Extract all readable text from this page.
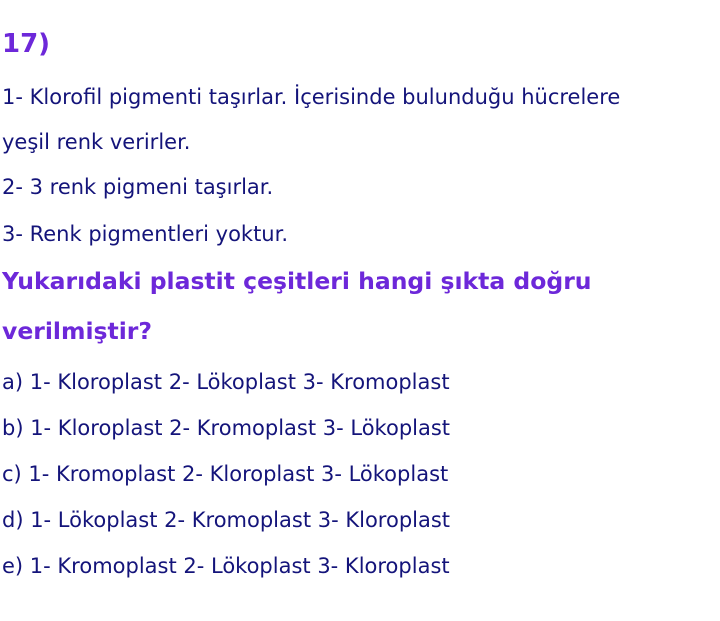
17)
1- Klorofil pigmenti taşırlar. İçerisinde bulunduğu hücrelere
yeşil renk verirler.
2- 3 renk pigmeni taşırlar.
3- Renk pigmentleri yoktur.
Yukarıdaki plastit çeşitleri hangi şıkta doğru
verilmiştir?
a) 1- Kloroplast 2- Lökoplast 3- Kromoplast
b) 1- Kloroplast 2- Kromoplast 3- Lökoplast
c) 1- Kromoplast 2- Kloroplast 3- Lökoplast
d) 1- Lökoplast 2- Kromoplast 3- Kloroplast
e) 1- Kromoplast 2- Lökoplast 3- Kloroplast
